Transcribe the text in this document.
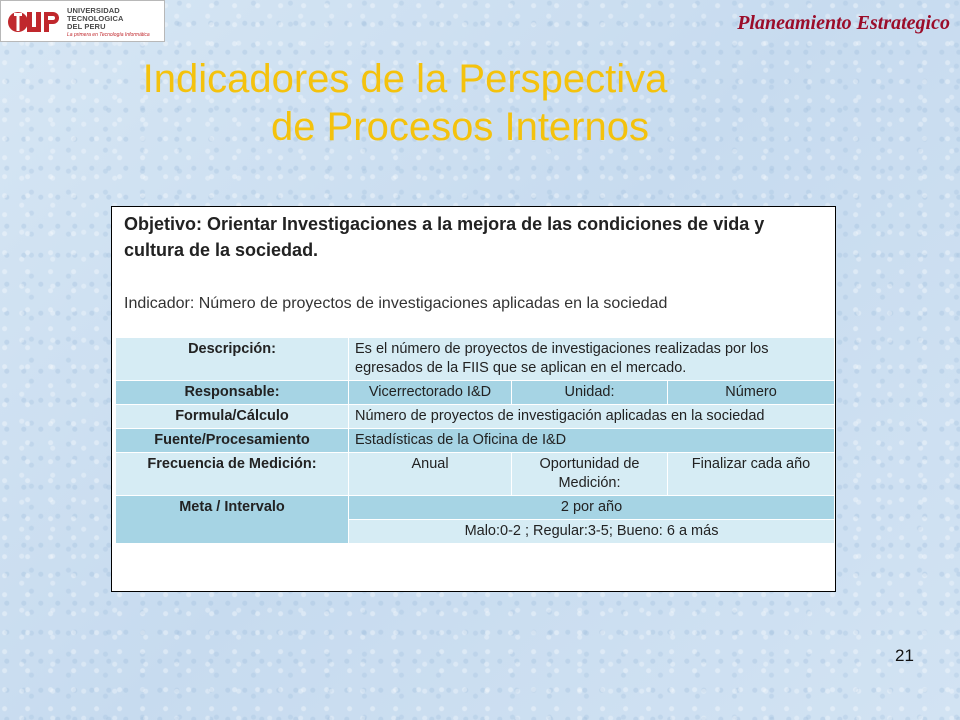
UNIVERSIDAD
TECNOLOGICA
DEL PERU
La primera en Tecnología Informática
Planeamiento Estrategico
Indicadores de la Perspectiva
de Procesos Internos
Objetivo: Orientar Investigaciones a la mejora de las condiciones de vida y cultura de la sociedad.
Indicador: Número de proyectos de investigaciones aplicadas en la sociedad
Descripción:	Es el número de proyectos de investigaciones realizadas por los egresados de la FIIS que se aplican en el mercado.		
Responsable:	Vicerrectorado I&D	Unidad:	Número
Formula/Cálculo	Número de proyectos de investigación aplicadas en la sociedad		
Fuente/Procesamiento	Estadísticas de la Oficina de I&D		
Frecuencia de Medición:	Anual	Oportunidad de Medición:	Finalizar cada año
Meta / Intervalo	2 por año		
	Malo:0-2 ; Regular:3-5; Bueno: 6 a más		
21
